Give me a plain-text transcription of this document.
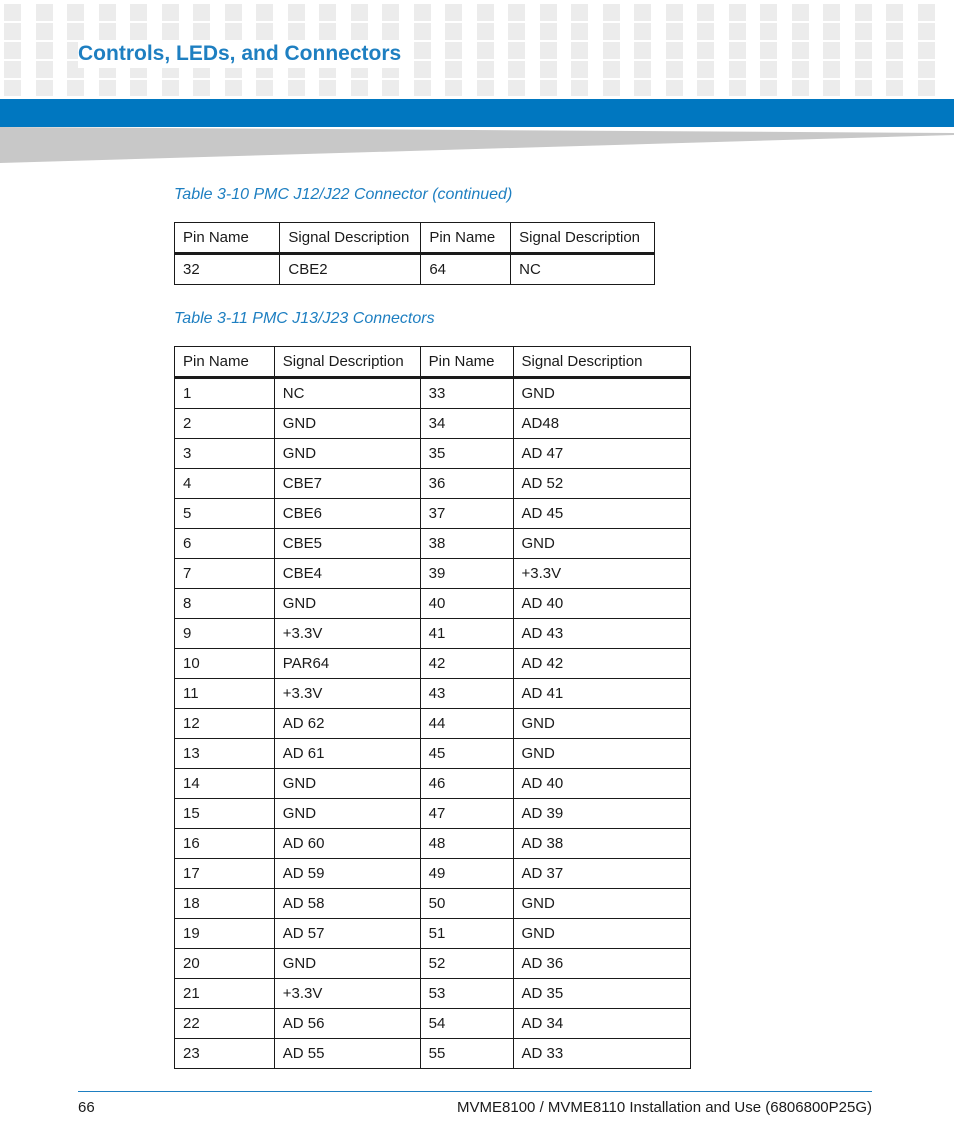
Controls, LEDs, and Connectors

Table 3-10 PMC J12/J22 Connector (continued)

Pin Name	Signal Description	Pin Name	Signal Description
32	CBE2	64	NC

Table 3-11 PMC J13/J23 Connectors

Pin Name	Signal Description	Pin Name	Signal Description
1	NC	33	GND
2	GND	34	AD48
3	GND	35	AD 47
4	CBE7	36	AD 52
5	CBE6	37	AD 45
6	CBE5	38	GND
7	CBE4	39	+3.3V
8	GND	40	AD 40
9	+3.3V	41	AD 43
10	PAR64	42	AD 42
11	+3.3V	43	AD 41
12	AD 62	44	GND
13	AD 61	45	GND
14	GND	46	AD 40
15	GND	47	AD 39
16	AD 60	48	AD 38
17	AD 59	49	AD 37
18	AD 58	50	GND
19	AD 57	51	GND
20	GND	52	AD 36
21	+3.3V	53	AD 35
22	AD 56	54	AD 34
23	AD 55	55	AD 33
66	MVME8100 / MVME8110 Installation and Use (6806800P25G)
